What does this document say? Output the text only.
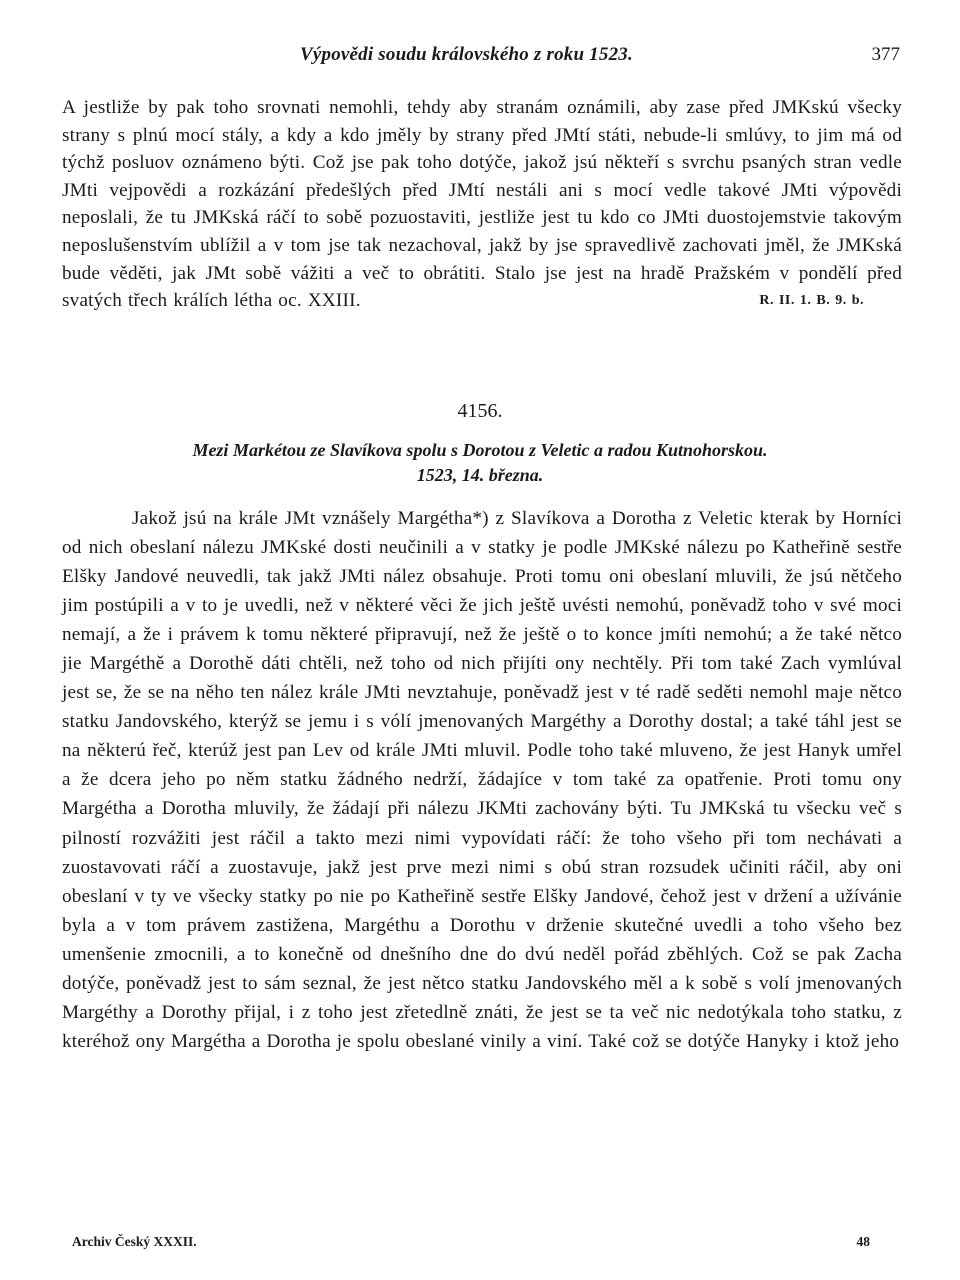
Výpovědi soudu královského z roku 1523.	377
A jestliže by pak toho srovnati nemohli, tehdy aby stranám oznámili, aby zase před JMKskú všecky strany s plnú mocí stály, a kdy a kdo jměly by strany před JMtí státi, nebude-li smlúvy, to jim má od týchž posluov oznámeno býti. Což jse pak toho dotýče, jakož jsú někteří s svrchu psaných stran vedle JMti vejpovědi a rozkázání předešlých před JMtí nestáli ani s mocí vedle takové JMti výpovědi neposlali, že tu JMKská ráčí to sobě pozuostaviti, jestliže jest tu kdo co JMti duostojemstvie takovým neposlušenstvím ublížil a v tom jse tak nezachoval, jakž by jse spravedlivě zachovati jměl, že JMKská bude věděti, jak JMt sobě vážiti a več to obrátiti. Stalo jse jest na hradě Pražském v pondělí před svatých třech králích létha oc. XXIII.	R. II. 1. B. 9. b.
4156.
Mezi Markétou ze Slavíkova spolu s Dorotou z Veletic a radou Kutnohorskou.
1523, 14. března.
Jakož jsú na krále JMt vznášely Margétha*) z Slavíkova a Dorotha z Veletic kterak by Horníci od nich obeslaní nálezu JMKské dosti neučinili a v statky je podle JMKské nálezu po Katheřině sestře Elšky Jandové neuvedli, tak jakž JMti nález obsahuje. Proti tomu oni obeslaní mluvili, že jsú nětčeho jim postúpili a v to je uvedli, než v některé věci že jich ještě uvésti nemohú, poněvadž toho v své moci nemají, a že i právem k tomu některé připravují, než že ještě o to konce jmíti nemohú; a že také nětco jie Margéthě a Dorothě dáti chtěli, než toho od nich přijíti ony nechtěly. Při tom také Zach vymlúval jest se, že se na něho ten nález krále JMti nevztahuje, poněvadž jest v té radě seděti nemohl maje nětco statku Jandovského, kterýž se jemu i s vólí jmenovaných Margéthy a Dorothy dostal; a také táhl jest se na některú řeč, kterúž jest pan Lev od krále JMti mluvil. Podle toho také mluveno, že jest Hanyk umřel a že dcera jeho po něm statku žádného nedrží, žádajíce v tom také za opatřenie. Proti tomu ony Margétha a Dorotha mluvily, že žádají při nálezu JKMti zachovány býti. Tu JMKská tu všecku več s pilností rozvážiti jest ráčil a takto mezi nimi vypovídati ráčí: že toho všeho při tom nechávati a zuostavovati ráčí a zuostavuje, jakž jest prve mezi nimi s obú stran rozsudek učiniti ráčil, aby oni obeslaní v ty ve všecky statky po nie po Katheřině sestře Elšky Jandové, čehož jest v držení a užívánie byla a v tom právem zastižena, Margéthu a Dorothu v drženie skutečné uvedli a toho všeho bez umenšenie zmocnili, a to konečně od dnešního dne do dvú neděl pořád zběhlých. Což se pak Zacha dotýče, poněvadž jest to sám seznal, že jest nětco statku Jandovského měl a k sobě s volí jmenovaných Margéthy a Dorothy přijal, i z toho jest zřetedlně znáti, že jest se ta več nic nedotýkala toho statku, z kteréhož ony Margétha a Dorotha je spolu obeslané vinily a viní. Také což se dotýče Hanyky i ktož jeho
Archiv Český XXXII.	48
